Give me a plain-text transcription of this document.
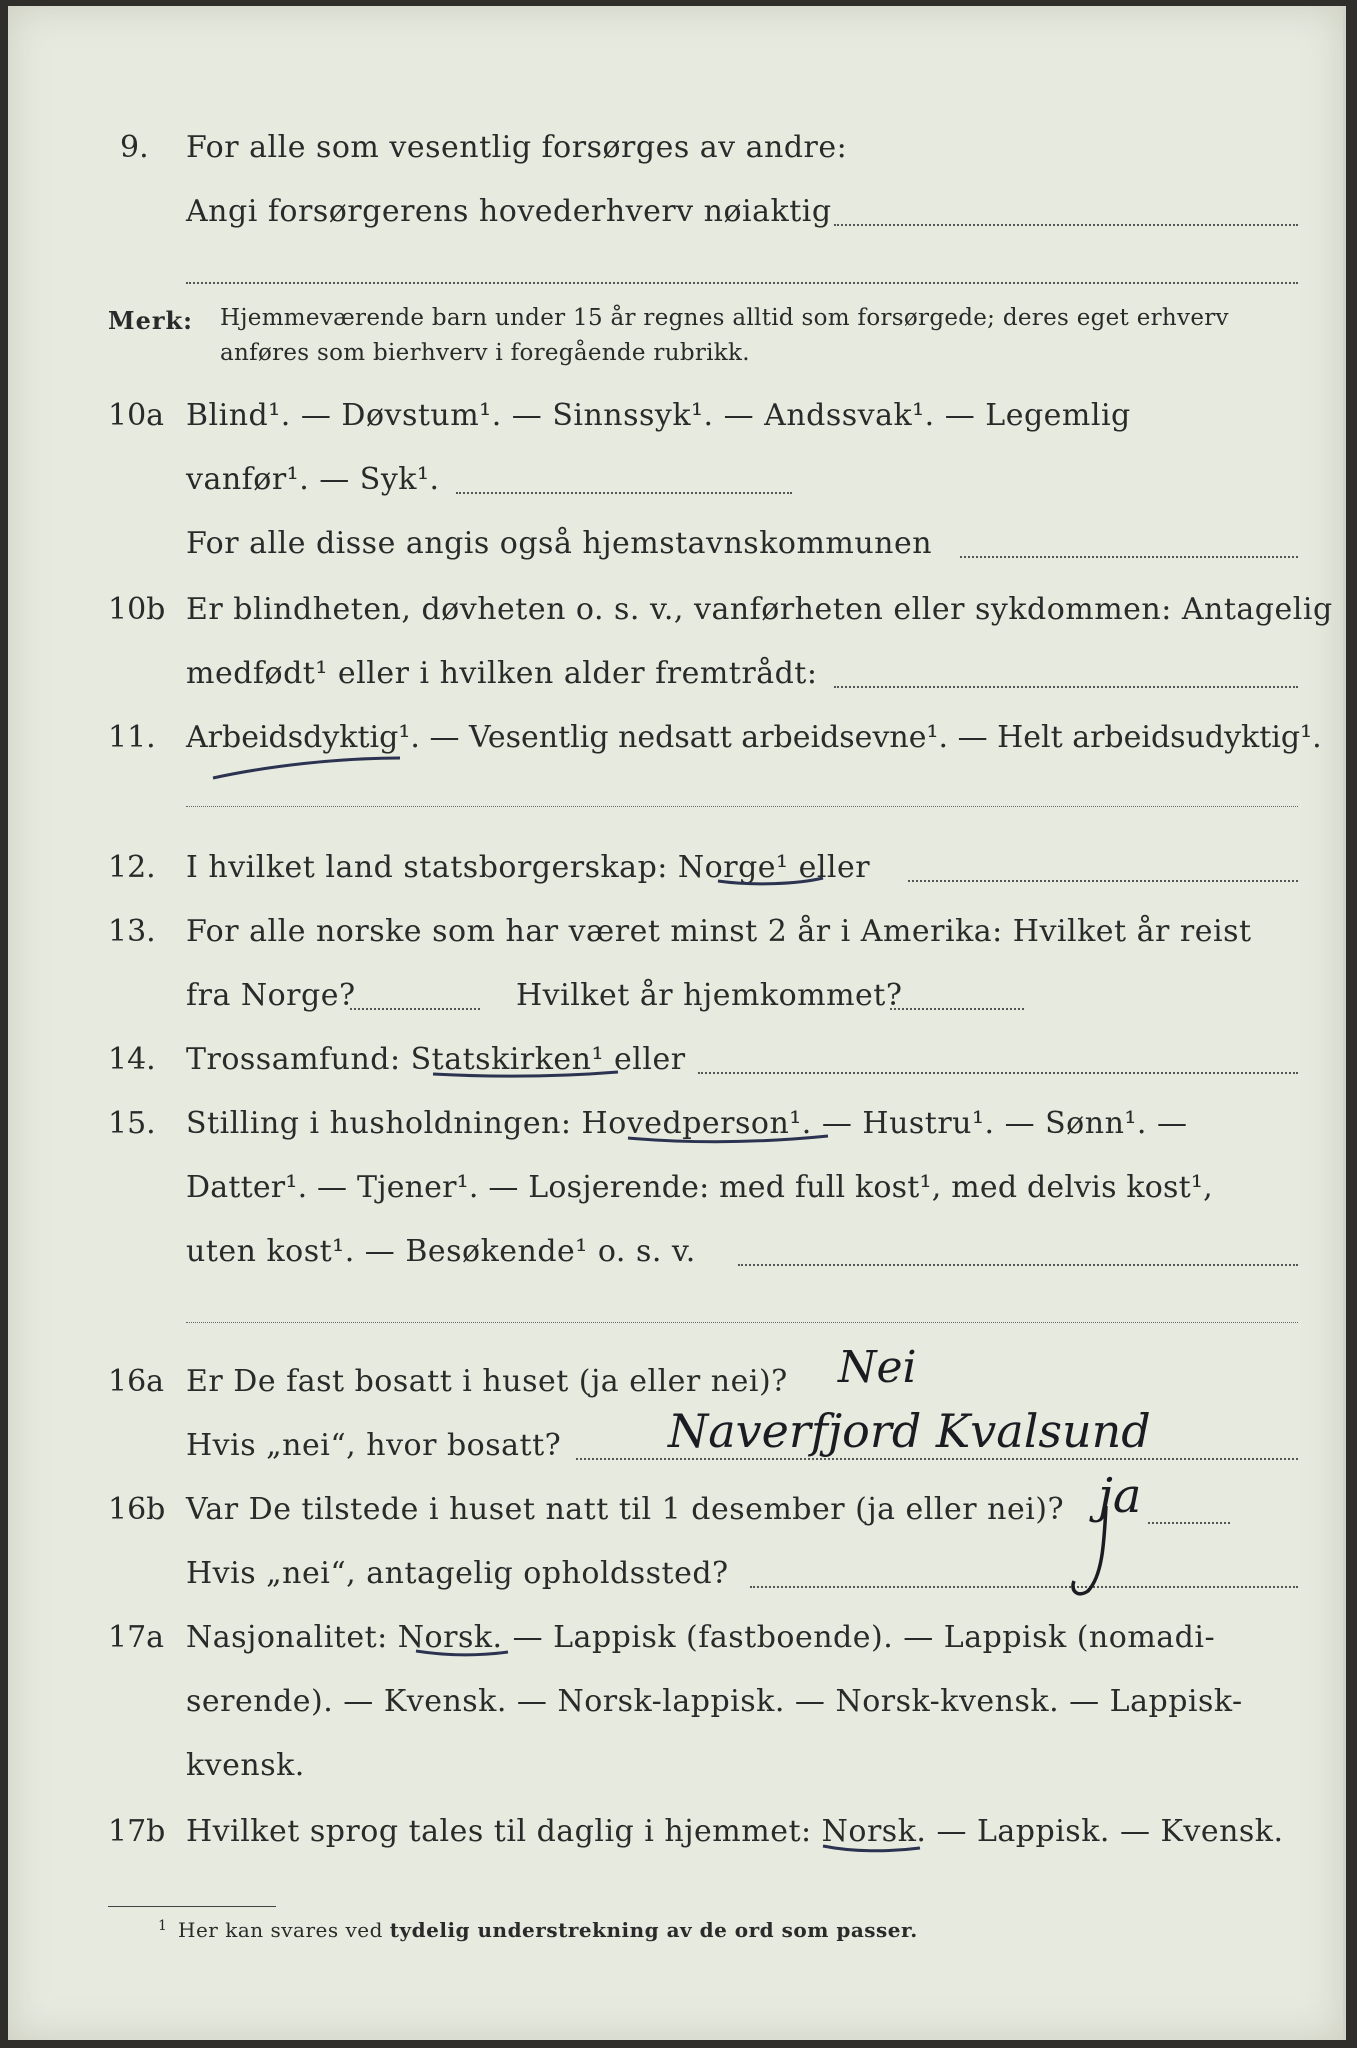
9. For alle som vesentlig forsørges av andre:
Angi forsørgerens hovederhverv nøiaktig
Merk: Hjemmeværende barn under 15 år regnes alltid som forsørgede; deres eget erhverv
anføres som bierhverv i foregående rubrikk.
10a Blind¹. — Døvstum¹. — Sinnssyk¹. — Andssvak¹. — Legemlig
vanfør¹. — Syk¹.
For alle disse angis også hjemstavnskommunen
10b Er blindheten, døvheten o. s. v., vanførheten eller sykdommen: Antagelig
medfødt¹ eller i hvilken alder fremtrådt:
11. Arbeidsdyktig¹. — Vesentlig nedsatt arbeidsevne¹. — Helt arbeidsudyktig¹.
12. I hvilket land statsborgerskap: Norge¹ eller
13. For alle norske som har været minst 2 år i Amerika: Hvilket år reist
fra Norge?	Hvilket år hjemkommet?
14. Trossamfund: Statskirken¹ eller
15. Stilling i husholdningen: Hovedperson¹. — Hustru¹. — Sønn¹. —
Datter¹. — Tjener¹. — Losjerende: med full kost¹, med delvis kost¹,
uten kost¹. — Besøkende¹ o. s. v.
16a Er De fast bosatt i huset (ja eller nei)? Nei
Hvis „nei“, hvor bosatt? Naverfjord Kvalsund
16b Var De tilstede i huset natt til 1 desember (ja eller nei)? ja
Hvis „nei“, antagelig opholdssted?
17a Nasjonalitet: Norsk. — Lappisk (fastboende). — Lappisk (nomadi-
serende). — Kvensk. — Norsk-lappisk. — Norsk-kvensk. — Lappisk-
kvensk.
17b Hvilket sprog tales til daglig i hjemmet: Norsk. — Lappisk. — Kvensk.
1 Her kan svares ved tydelig understrekning av de ord som passer.
